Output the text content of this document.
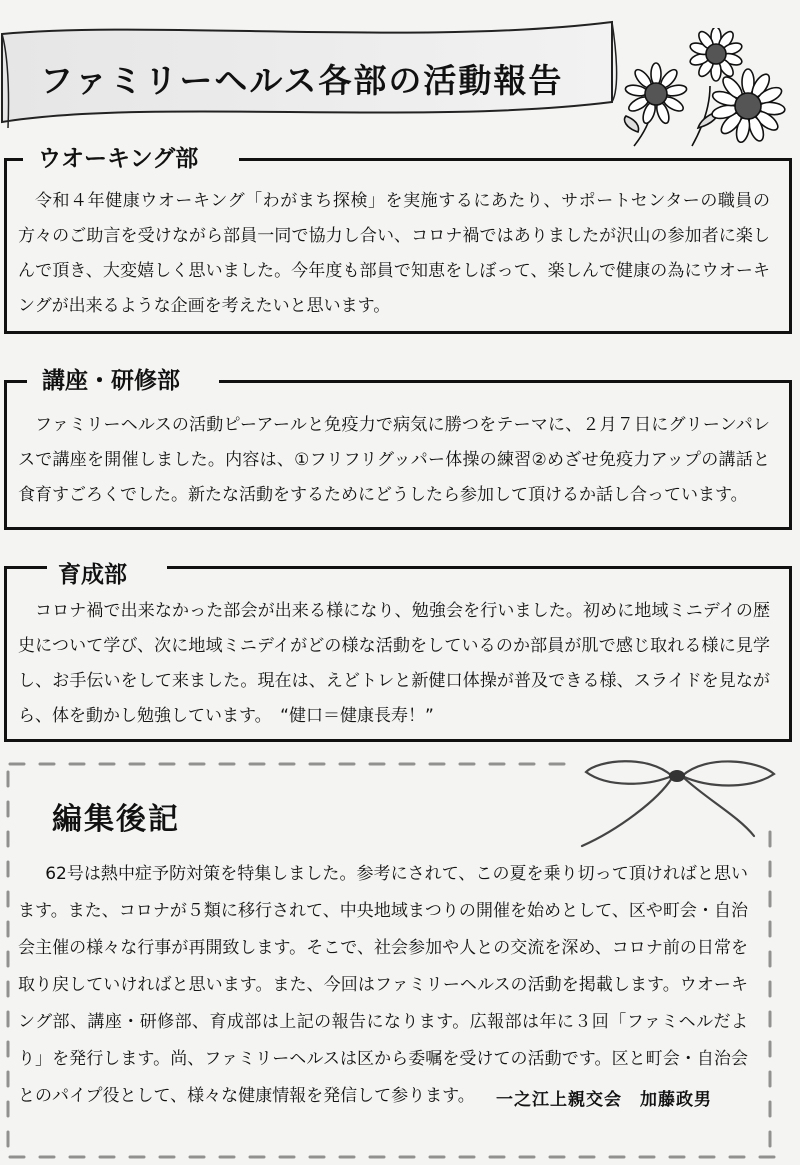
ファミリーヘルス各部の活動報告
ウオーキング部

令和４年健康ウオーキング「わがまち探検」を実施するにあたり、サポートセンターの職員の方々のご助言を受けながら部員一同で協力し合い、コロナ禍ではありましたが沢山の参加者に楽しんで頂き、大変嬉しく思いました。今年度も部員で知恵をしぼって、楽しんで健康の為にウオーキングが出来るような企画を考えたいと思います。

講座・研修部

ファミリーヘルスの活動ピーアールと免疫力で病気に勝つをテーマに、２月７日にグリーンパレスで講座を開催しました。内容は、①フリフリグッパー体操の練習②めざせ免疫力アップの講話と食育すごろくでした。新たな活動をするためにどうしたら参加して頂けるか話し合っています。

育成部

コロナ禍で出来なかった部会が出来る様になり、勉強会を行いました。初めに地域ミニデイの歴史について学び、次に地域ミニデイがどの様な活動をしているのか部員が肌で感じ取れる様に見学し、お手伝いをして来ました。現在は、えどトレと新健口体操が普及できる様、スライドを見ながら、体を動かし勉強しています。　“健口＝健康長寿！”

編集後記

62号は熱中症予防対策を特集しました。参考にされて、この夏を乗り切って頂ければと思います。また、コロナが５類に移行されて、中央地域まつりの開催を始めとして、区や町会・自治会主催の様々な行事が再開致します。そこで、社会参加や人との交流を深め、コロナ前の日常を取り戻していければと思います。また、今回はファミリーヘルスの活動を掲載します。ウオーキング部、講座・研修部、育成部は上記の報告になります。広報部は年に３回「ファミヘルだより」を発行します。尚、ファミリーヘルスは区から委嘱を受けての活動です。区と町会・自治会とのパイプ役として、様々な健康情報を発信して参ります。	一之江上親交会　加藤政男
